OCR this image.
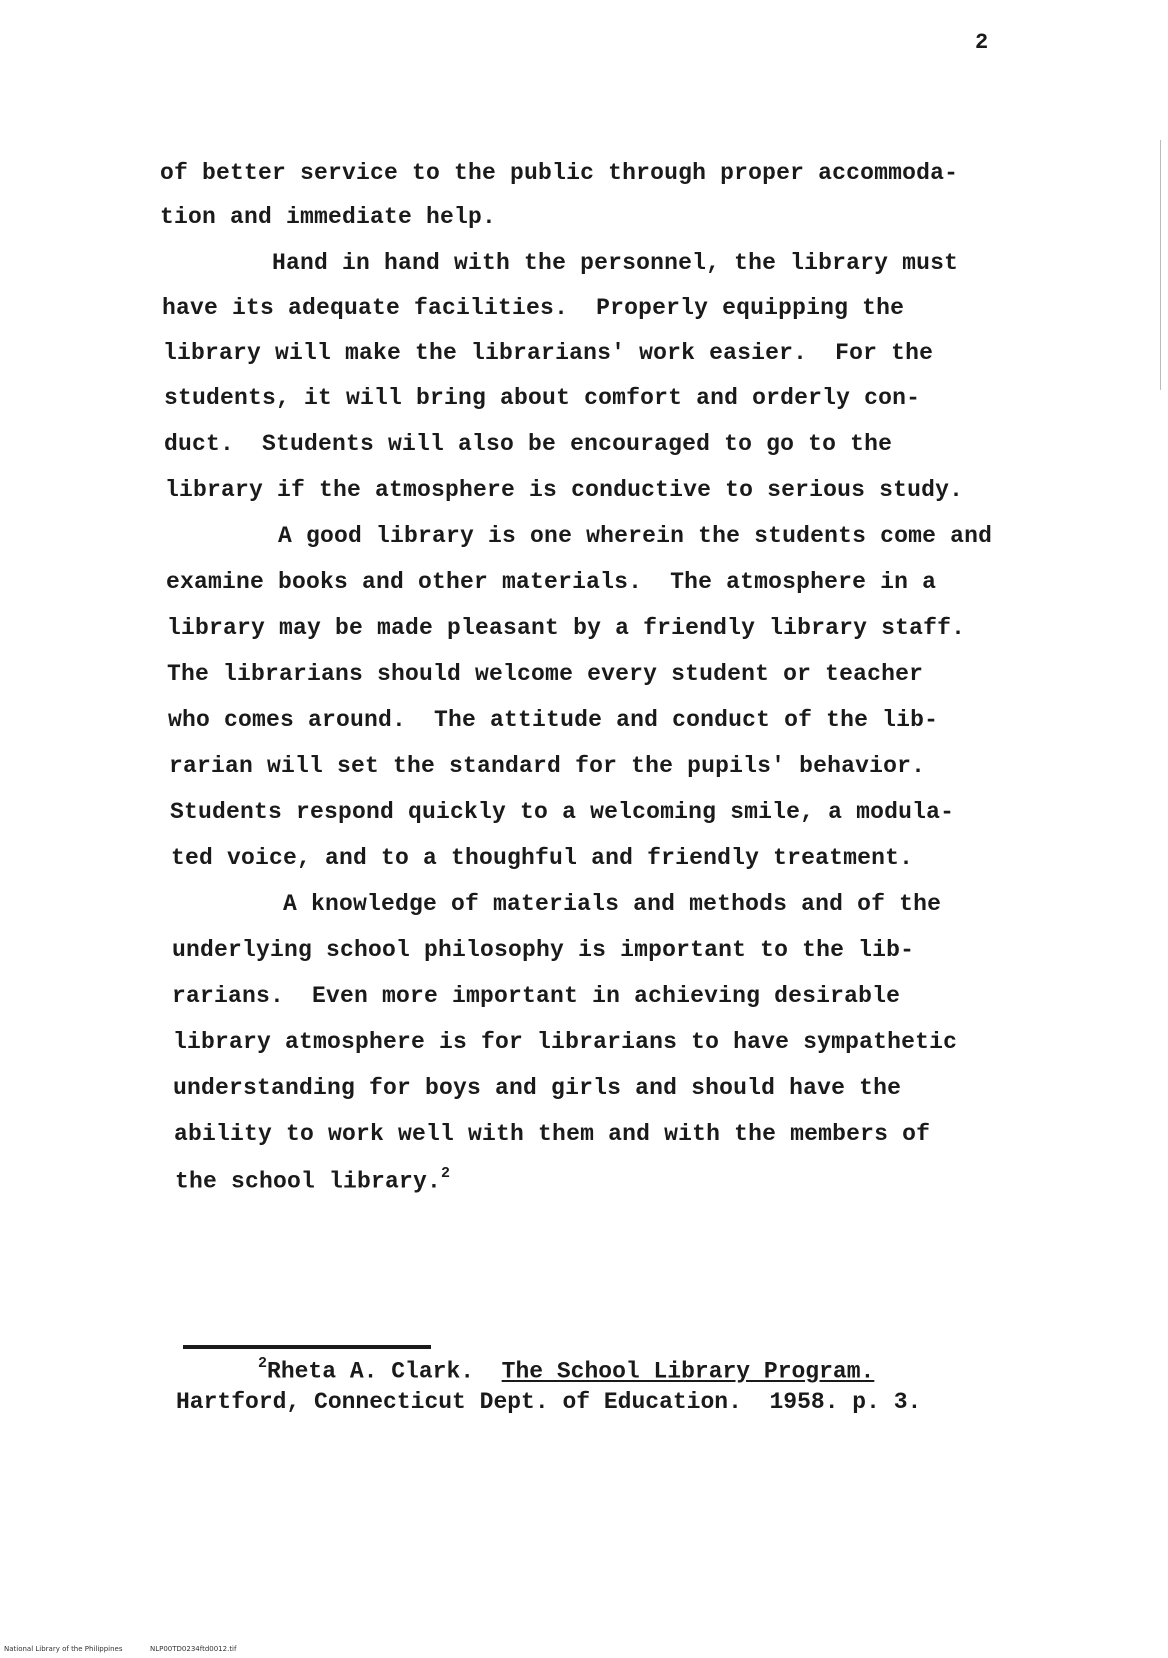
2
of better service to the public through proper accommoda-
tion and immediate help.
Hand in hand with the personnel, the library must
have its adequate facilities.  Properly equipping the
library will make the librarians' work easier.  For the
students, it will bring about comfort and orderly con-
duct.  Students will also be encouraged to go to the
library if the atmosphere is conductive to serious study.
A good library is one wherein the students come and
examine books and other materials.  The atmosphere in a
library may be made pleasant by a friendly library staff.
The librarians should welcome every student or teacher
who comes around.  The attitude and conduct of the lib-
rarian will set the standard for the pupils' behavior.
Students respond quickly to a welcoming smile, a modula-
ted voice, and to a thoughful and friendly treatment.
A knowledge of materials and methods and of the
underlying school philosophy is important to the lib-
rarians.  Even more important in achieving desirable
library atmosphere is for librarians to have sympathetic
understanding for boys and girls and should have the
ability to work well with them and with the members of
the school library.$^2$
$^2$Rheta A. Clark.  The School Library Program.
Hartford, Connecticut Dept. of Education.  1958. p. 3.
National Library of the Philippines	NLP00TD0234ftd0012.tif
